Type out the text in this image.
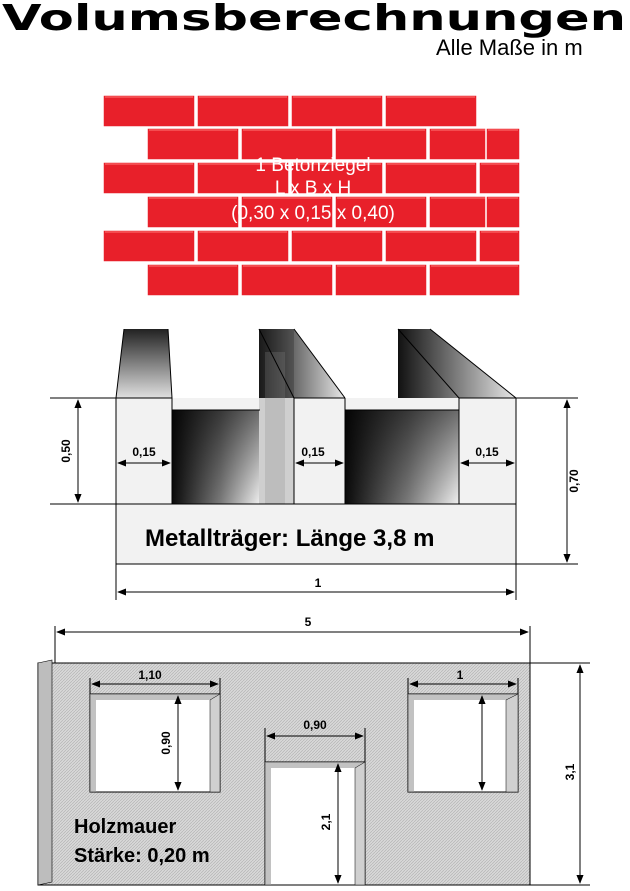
Volumsberechnungen
Alle Maße in m
1 Betonziegel
L x B x H
(0,30 x 0,15 x 0,40)
0,50
0,70
0,15	0,15	0,15
1
Metallträger: Länge 3,8 m
5
3,1
1,10	1
0,90
0,90
2,1
Holzmauer
Stärke: 0,20 m
